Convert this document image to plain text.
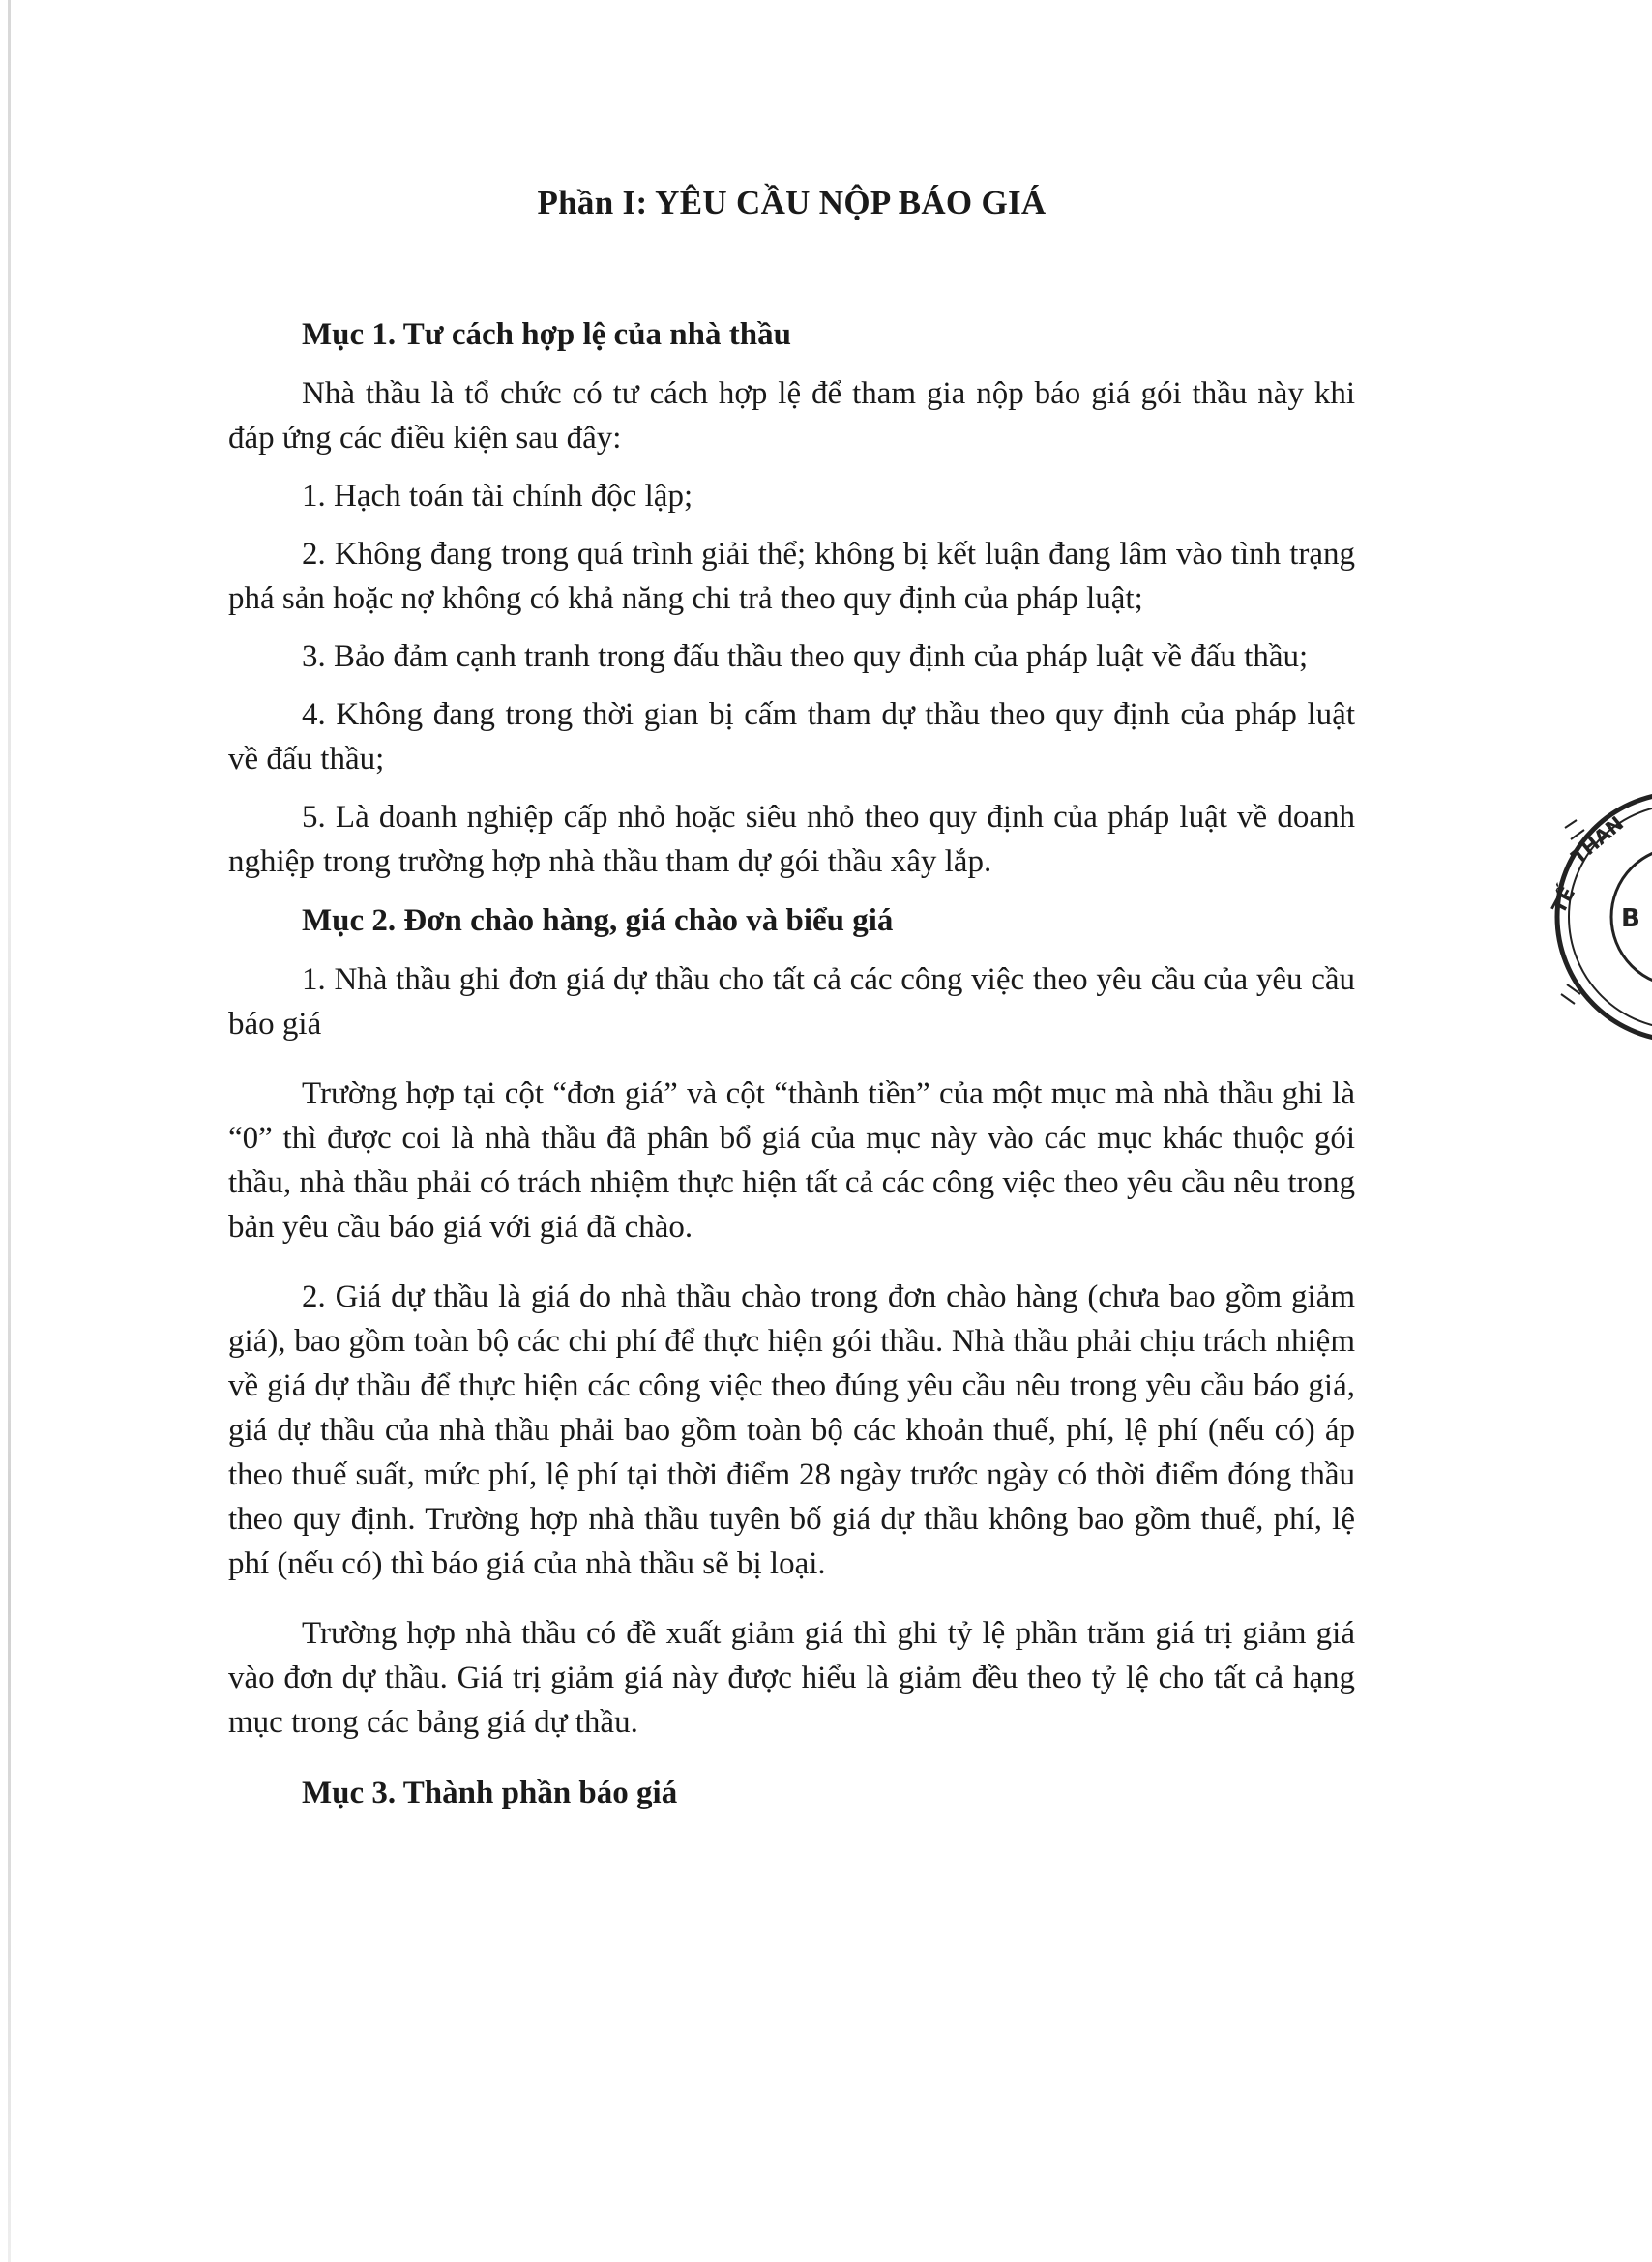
Phần I: YÊU CẦU NỘP BÁO GIÁ
Mục 1. Tư cách hợp lệ của nhà thầu

Nhà thầu là tổ chức có tư cách hợp lệ để tham gia nộp báo giá gói thầu này khi đáp ứng các điều kiện sau đây:

1. Hạch toán tài chính độc lập;

2. Không đang trong quá trình giải thể; không bị kết luận đang lâm vào tình trạng phá sản hoặc nợ không có khả năng chi trả theo quy định của pháp luật;

3. Bảo đảm cạnh tranh trong đấu thầu theo quy định của pháp luật về đấu thầu;

4. Không đang trong thời gian bị cấm tham dự thầu theo quy định của pháp luật về đấu thầu;

5. Là doanh nghiệp cấp nhỏ hoặc siêu nhỏ theo quy định của pháp luật về doanh nghiệp trong trường hợp nhà thầu tham dự gói thầu xây lắp.

Mục 2. Đơn chào hàng, giá chào và biểu giá

1. Nhà thầu ghi đơn giá dự thầu cho tất cả các công việc theo yêu cầu của yêu cầu báo giá

Trường hợp tại cột “đơn giá” và cột “thành tiền” của một mục mà nhà thầu ghi là “0” thì được coi là nhà thầu đã phân bổ giá của mục này vào các mục khác thuộc gói thầu, nhà thầu phải có trách nhiệm thực hiện tất cả các công việc theo yêu cầu nêu trong bản yêu cầu báo giá với giá đã chào.

2. Giá dự thầu là giá do nhà thầu chào trong đơn chào hàng (chưa bao gồm giảm giá), bao gồm toàn bộ các chi phí để thực hiện gói thầu. Nhà thầu phải chịu trách nhiệm về giá dự thầu để thực hiện các công việc theo đúng yêu cầu nêu trong yêu cầu báo giá, giá dự thầu của nhà thầu phải bao gồm toàn bộ các khoản thuế, phí, lệ phí (nếu có) áp theo thuế suất, mức phí, lệ phí tại thời điểm 28 ngày trước ngày có thời điểm đóng thầu theo quy định. Trường hợp nhà thầu tuyên bố giá dự thầu không bao gồm thuế, phí, lệ phí (nếu có) thì báo giá của nhà thầu sẽ bị loại.

Trường hợp nhà thầu có đề xuất giảm giá thì ghi tỷ lệ phần trăm giá trị giảm giá vào đơn dự thầu. Giá trị giảm giá này được hiểu là giảm đều theo tỷ lệ cho tất cả hạng mục trong các bảng giá dự thầu.

Mục 3. Thành phần báo giá
TẾ
THÀN
B
